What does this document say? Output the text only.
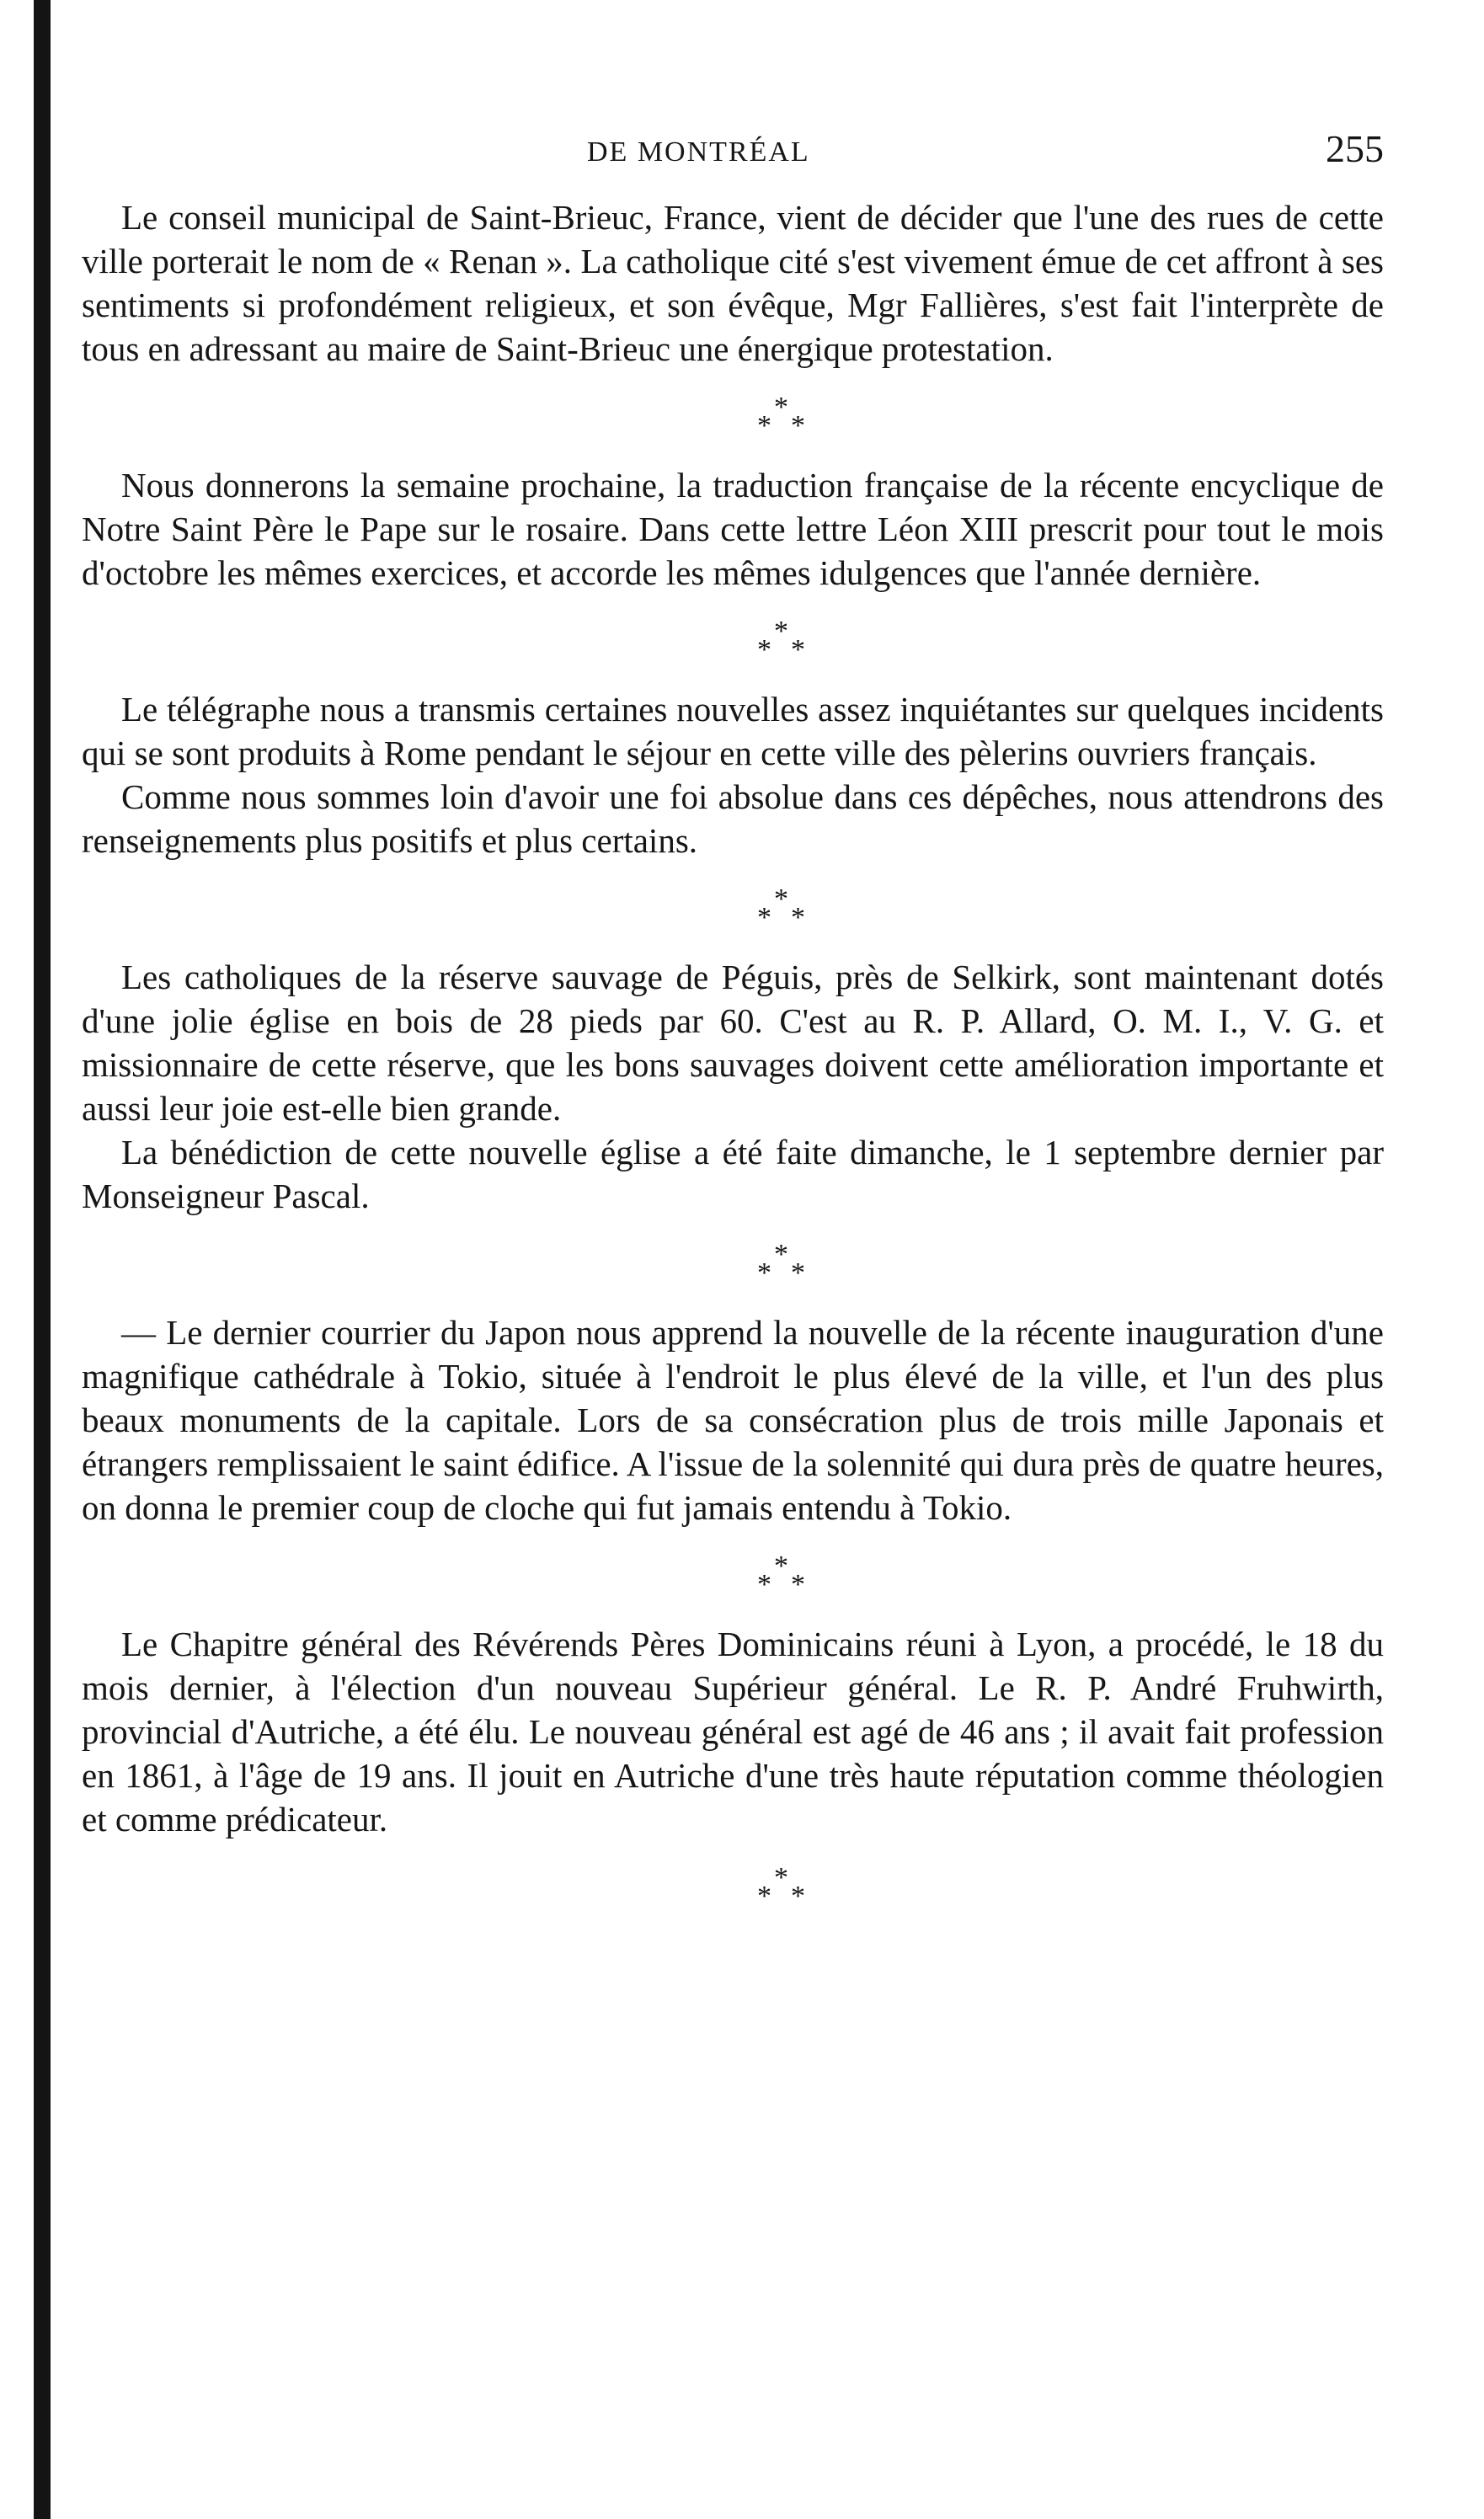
DE MONTRÉAL	255

Le conseil municipal de Saint-Brieuc, France, vient de décider que l'une des rues de cette ville porterait le nom de « Renan ». La catholique cité s'est vivement émue de cet affront à ses sentiments si profondément religieux, et son évêque, Mgr Fallières, s'est fait l'interprète de tous en adressant au maire de Saint-Brieuc une énergique protestation.

*
* *

Nous donnerons la semaine prochaine, la traduction française de la récente encyclique de Notre Saint Père le Pape sur le rosaire. Dans cette lettre Léon XIII prescrit pour tout le mois d'octobre les mêmes exercices, et accorde les mêmes idulgences que l'année dernière.

*
* *

Le télégraphe nous a transmis certaines nouvelles assez inquiétantes sur quelques incidents qui se sont produits à Rome pendant le séjour en cette ville des pèlerins ouvriers français.

Comme nous sommes loin d'avoir une foi absolue dans ces dépêches, nous attendrons des renseignements plus positifs et plus certains.

*
* *

Les catholiques de la réserve sauvage de Péguis, près de Selkirk, sont maintenant dotés d'une jolie église en bois de 28 pieds par 60. C'est au R. P. Allard, O. M. I., V. G. et missionnaire de cette réserve, que les bons sauvages doivent cette amélioration importante et aussi leur joie est-elle bien grande.

La bénédiction de cette nouvelle église a été faite dimanche, le 1 septembre dernier par Monseigneur Pascal.

*
* *

— Le dernier courrier du Japon nous apprend la nouvelle de la récente inauguration d'une magnifique cathédrale à Tokio, située à l'endroit le plus élevé de la ville, et l'un des plus beaux monuments de la capitale. Lors de sa consécration plus de trois mille Japonais et étrangers remplissaient le saint édifice. A l'issue de la solennité qui dura près de quatre heures, on donna le premier coup de cloche qui fut jamais entendu à Tokio.

*
* *

Le Chapitre général des Révérends Pères Dominicains réuni à Lyon, a procédé, le 18 du mois dernier, à l'élection d'un nouveau Supérieur général. Le R. P. André Fruhwirth, provincial d'Autriche, a été élu. Le nouveau général est agé de 46 ans ; il avait fait profession en 1861, à l'âge de 19 ans. Il jouit en Autriche d'une très haute réputation comme théologien et comme prédicateur.

*
* *
